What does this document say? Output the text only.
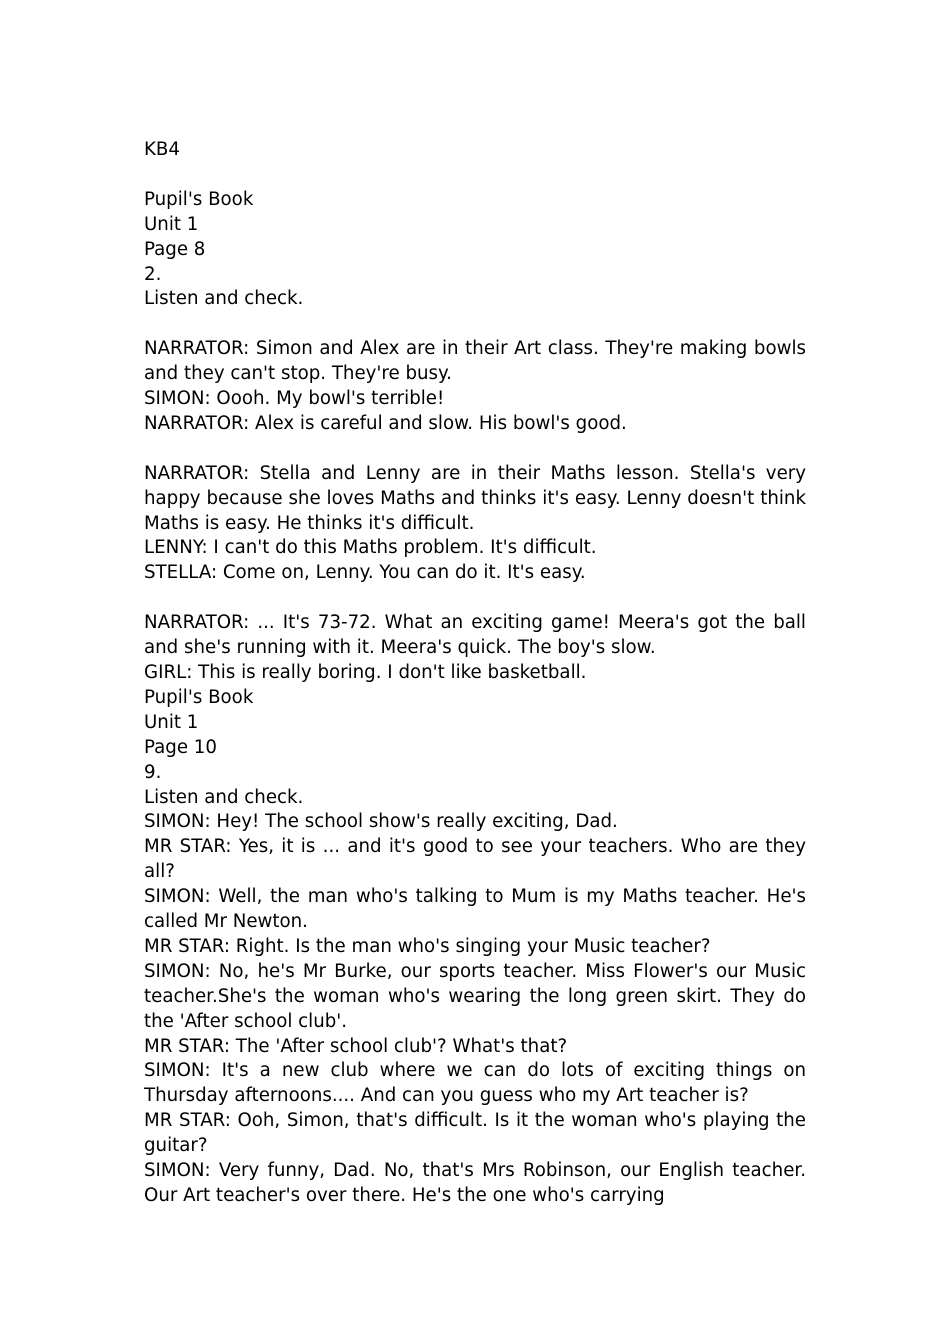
KB4
Pupil's Book
Unit 1
Page 8
2.
Listen and check.
NARRATOR: Simon and Alex are in their Art class. They're making bowls and they can't stop. They're busy.
SIMON: Oooh. My bowl's terrible!
NARRATOR: Alex is careful and slow. His bowl's good.
NARRATOR: Stella and Lenny are in their Maths lesson. Stella's very happy because she loves Maths and thinks it's easy. Lenny doesn't think Maths is easy. He thinks it's difficult.
LENNY: I can't do this Maths problem. It's difficult.
STELLA: Come on, Lenny. You can do it. It's easy.
NARRATOR: ... It's 73-72. What an exciting game! Meera's got the ball and she's running with it. Meera's quick. The boy's slow.
GIRL: This is really boring. I don't like basketball.
Pupil's Book
Unit 1
Page 10
9.
Listen and check.
SIMON: Hey! The school show's really exciting, Dad.
MR STAR: Yes, it is ... and it's good to see your teachers. Who are they all?
SIMON: Well, the man who's talking to Mum is my Maths teacher. He's called Mr Newton.
MR STAR: Right. Is the man who's singing your Music teacher?
SIMON: No, he's Mr Burke, our sports teacher. Miss Flower's our Music teacher.She's the woman who's wearing the long green skirt. They do the 'After school club'.
MR STAR: The 'After school club'? What's that?
SIMON: It's a new club where we can do lots of exciting things on Thursday afternoons.... And can you guess who my Art teacher is?
MR STAR: Ooh, Simon, that's difficult. Is it the woman who's playing the guitar?
SIMON: Very funny, Dad. No, that's Mrs Robinson, our English teacher. Our Art teacher's over there. He's the one who's carrying
